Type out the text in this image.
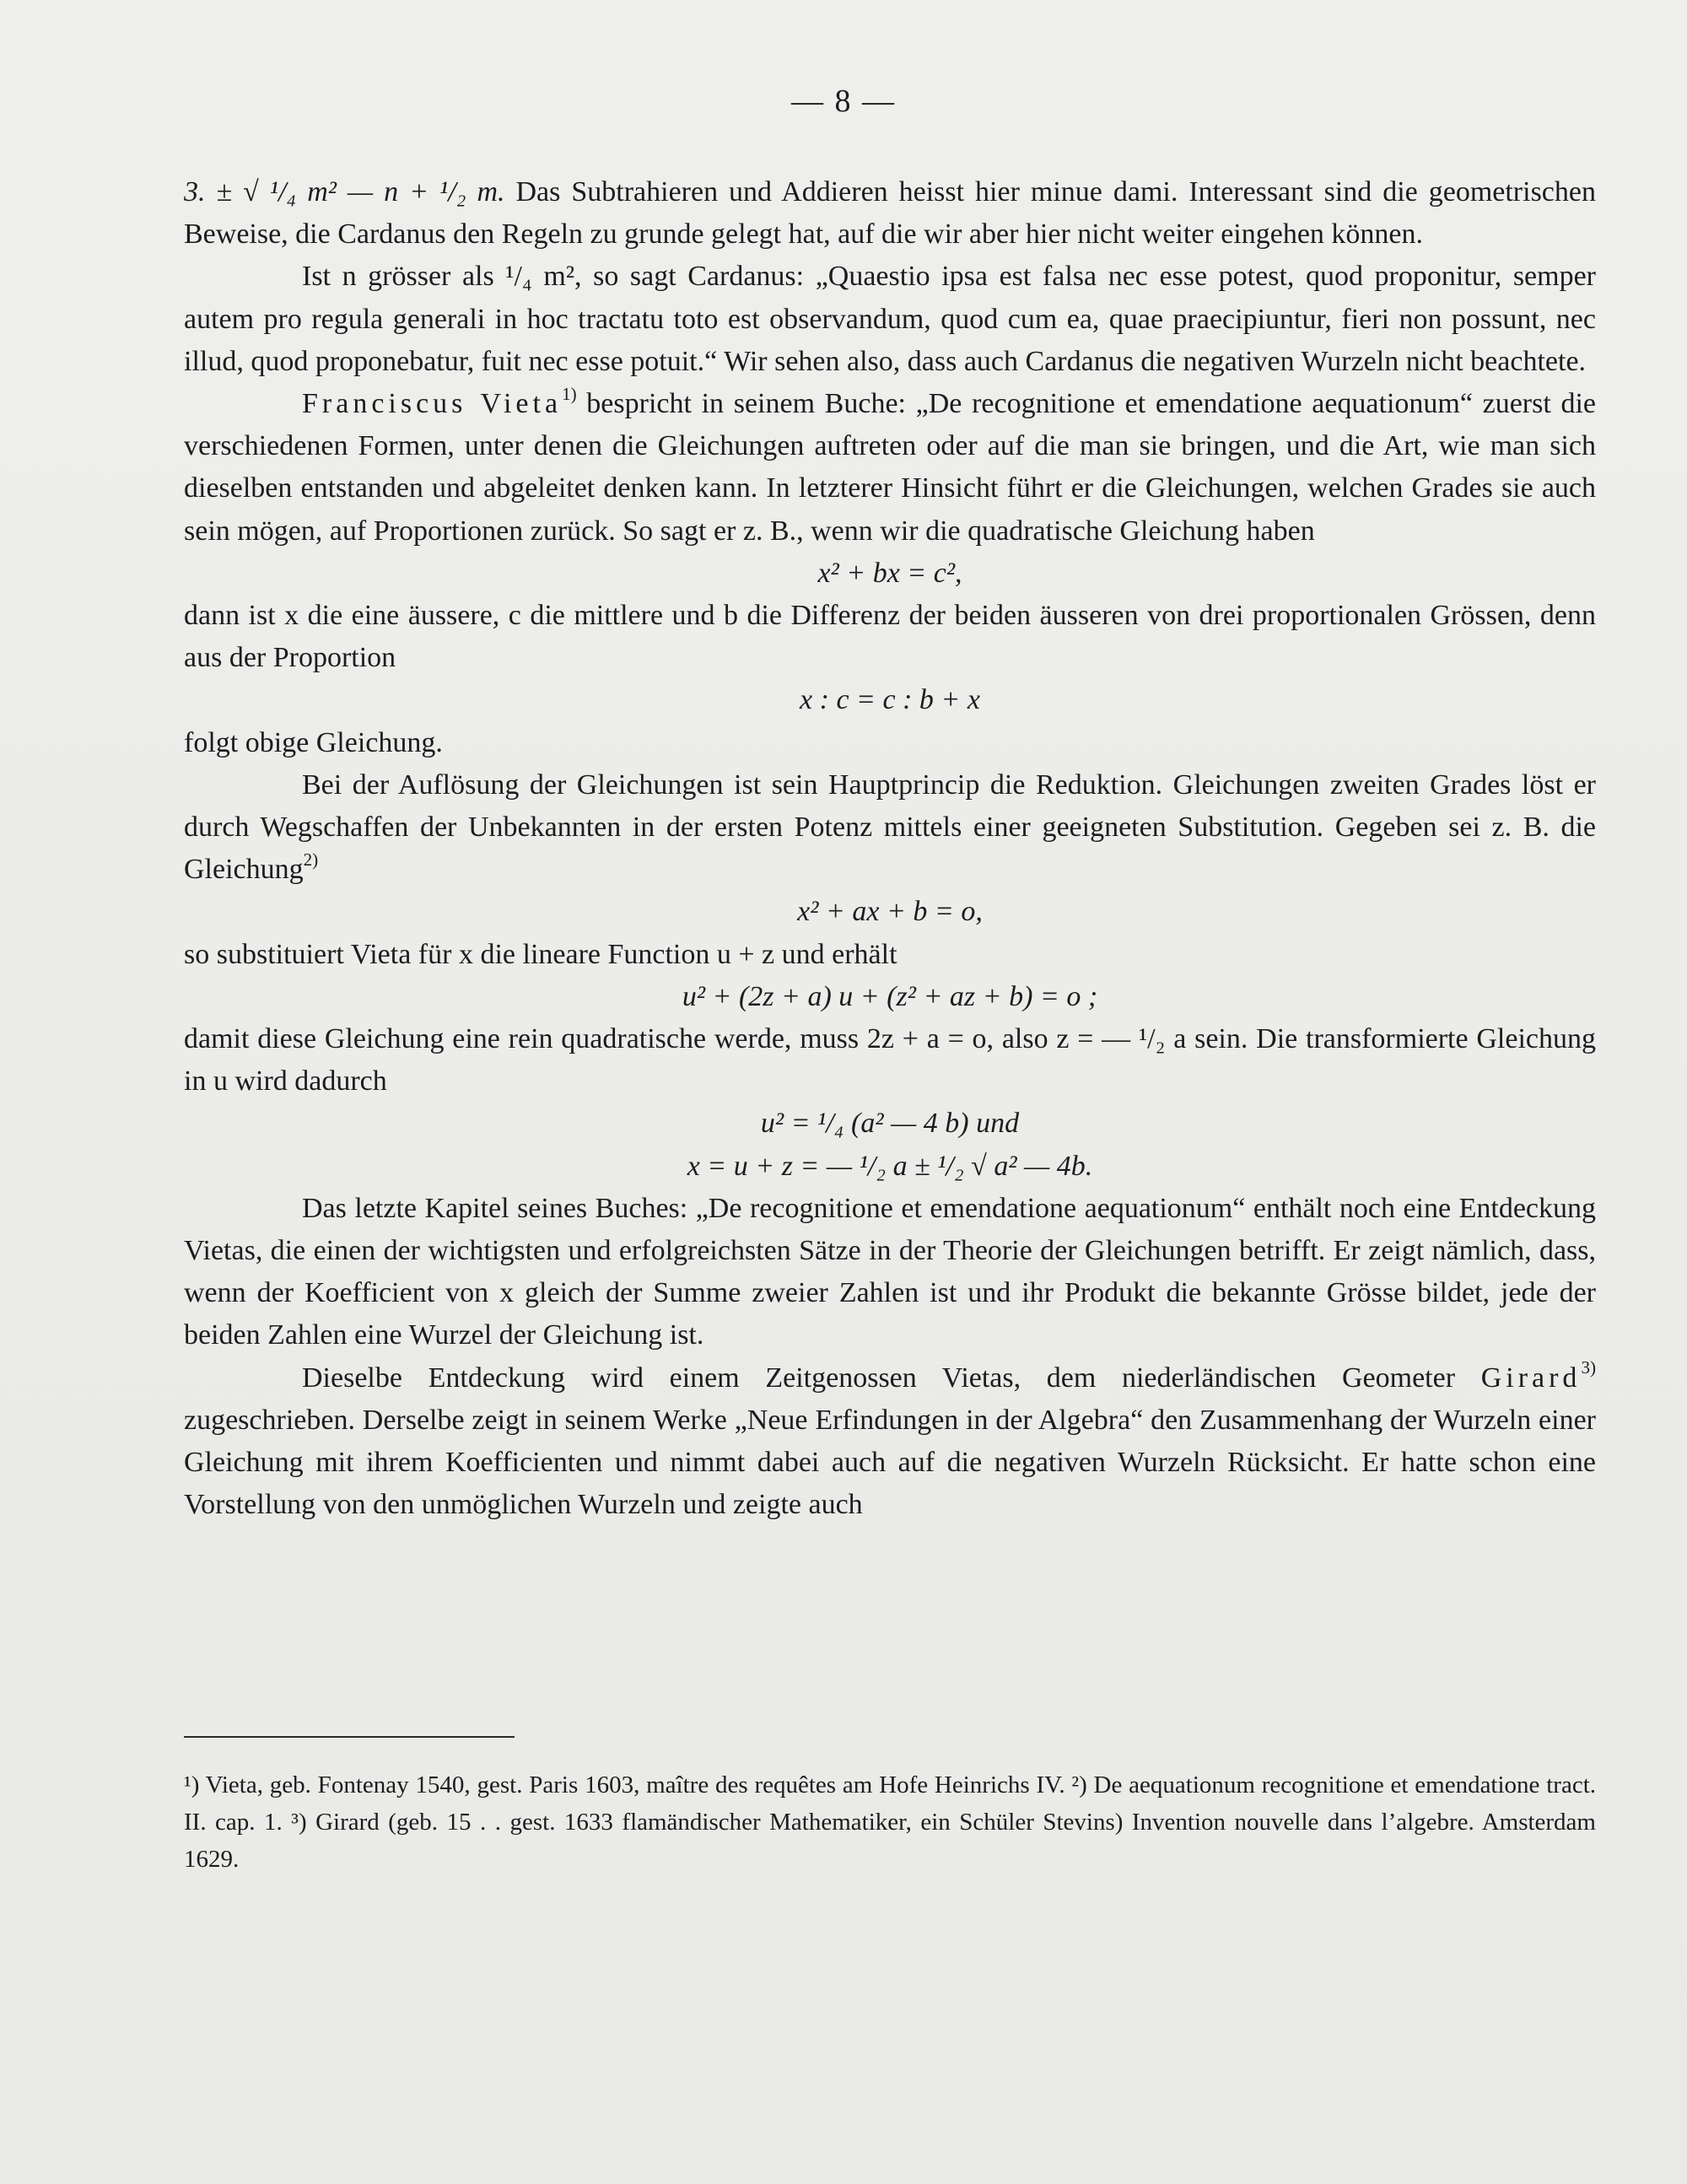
— 8 —

3. ± √ ¹/₄ m² — n + ¹/₂ m. Das Subtrahieren und Addieren heisst hier minue dami. Interessant sind die geometrischen Beweise, die Cardanus den Regeln zu grunde gelegt hat, auf die wir aber hier nicht weiter eingehen können.

Ist n grösser als ¹/₄ m², so sagt Cardanus: „Quaestio ipsa est falsa nec esse potest, quod proponitur, semper autem pro regula generali in hoc tractatu toto est observandum, quod cum ea, quae praecipiuntur, fieri non possunt, nec illud, quod proponebatur, fuit nec esse potuit.“ Wir sehen also, dass auch Cardanus die negativen Wurzeln nicht beachtete.

Franciscus Vieta$^{1)}$ bespricht in seinem Buche: „De recognitione et emendatione aequationum“ zuerst die verschiedenen Formen, unter denen die Gleichungen auftreten oder auf die man sie bringen, und die Art, wie man sich dieselben entstanden und abgeleitet denken kann. In letzterer Hinsicht führt er die Gleichungen, welchen Grades sie auch sein mögen, auf Proportionen zurück. So sagt er z. B., wenn wir die quadratische Gleichung haben

x² + bx = c²,

dann ist x die eine äussere, c die mittlere und b die Differenz der beiden äusseren von drei proportionalen Grössen, denn aus der Proportion

x : c = c : b + x

folgt obige Gleichung.

Bei der Auflösung der Gleichungen ist sein Hauptprincip die Reduktion. Gleichungen zweiten Grades löst er durch Wegschaffen der Unbekannten in der ersten Potenz mittels einer geeigneten Substitution. Gegeben sei z. B. die Gleichung$^{2)}$

x² + ax + b = o,

so substituiert Vieta für x die lineare Function u + z und erhält

u² + (2z + a) u + (z² + az + b) = o ;

damit diese Gleichung eine rein quadratische werde, muss 2z + a = o, also z = — ¹/₂ a sein. Die transformierte Gleichung in u wird dadurch

u² = ¹/₄ (a² — 4 b) und

x = u + z = — ¹/₂ a ± ¹/₂ √ a² — 4b.

Das letzte Kapitel seines Buches: „De recognitione et emendatione aequationum“ enthält noch eine Entdeckung Vietas, die einen der wichtigsten und erfolgreichsten Sätze in der Theorie der Gleichungen betrifft. Er zeigt nämlich, dass, wenn der Koefficient von x gleich der Summe zweier Zahlen ist und ihr Produkt die bekannte Grösse bildet, jede der beiden Zahlen eine Wurzel der Gleichung ist.

Dieselbe Entdeckung wird einem Zeitgenossen Vietas, dem niederländischen Geometer Girard$^{3)}$ zugeschrieben. Derselbe zeigt in seinem Werke „Neue Erfindungen in der Algebra“ den Zusammenhang der Wurzeln einer Gleichung mit ihrem Koefficienten und nimmt dabei auch auf die negativen Wurzeln Rücksicht. Er hatte schon eine Vorstellung von den unmöglichen Wurzeln und zeigte auch

¹) Vieta, geb. Fontenay 1540, gest. Paris 1603, maître des requêtes am Hofe Heinrichs IV. ²) De aequationum recognitione et emendatione tract. II. cap. 1. ³) Girard (geb. 15 . . gest. 1633 flamändischer Mathematiker, ein Schüler Stevins) Invention nouvelle dans l’algebre. Amsterdam 1629.
